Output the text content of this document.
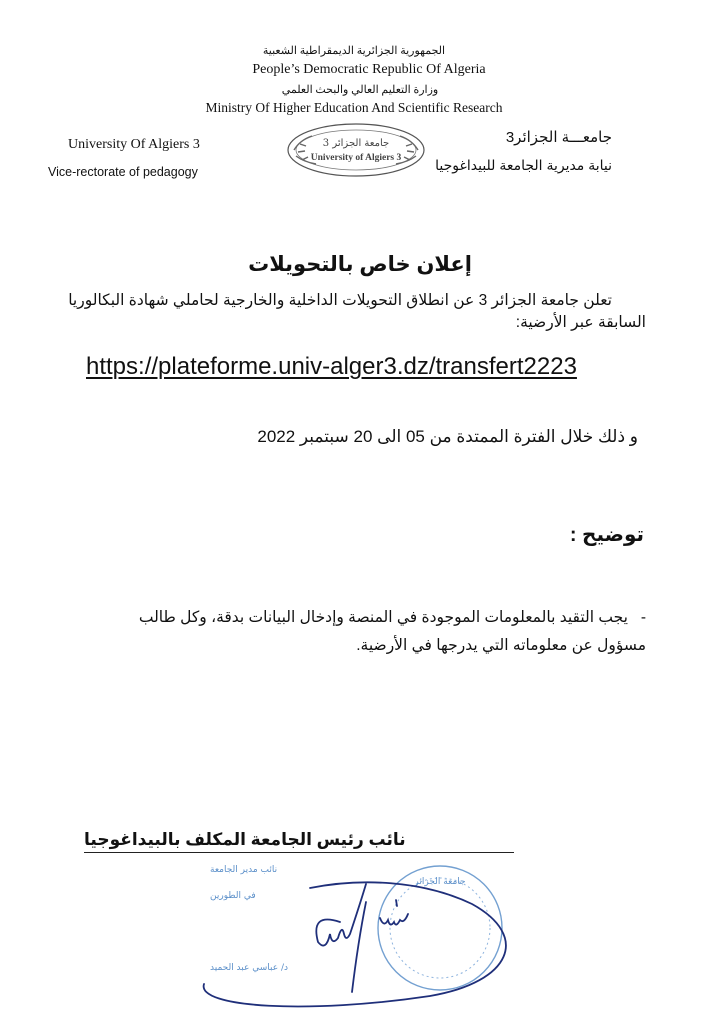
الجمهورية الجزائرية الديمقراطية الشعبية
People’s Democratic Republic Of Algeria
وزارة التعليم العالي والبحث العلمي
Ministry Of Higher Education And Scientific Research
University Of Algiers 3
Vice-rectorate of pedagogy
جامعـــة الجزائر3
نيابة مديرية الجامعة للبيداغوجيا
جامعة الجزائر 3
University of Algiers 3
إعلان خاص بالتحويلات
تعلن جامعة الجزائر 3 عن انطلاق التحويلات الداخلية والخارجية لحاملي شهادة البكالوريا السابقة عبر الأرضية:
https://plateforme.univ-alger3.dz/transfert2223
و ذلك خلال الفترة الممتدة من 05 الى 20 سبتمبر 2022
توضيح :
-   يجب التقيد بالمعلومات الموجودة في المنصة وإدخال البيانات بدقة، وكل طالب مسؤول عن معلوماته التي يدرجها في الأرضية.
نائب رئيس الجامعة المكلف بالبيداغوجيا
جامعة الجزائر
نائب مدير الجامعة
في الطورين
د/ عباسي عبد الحميد
